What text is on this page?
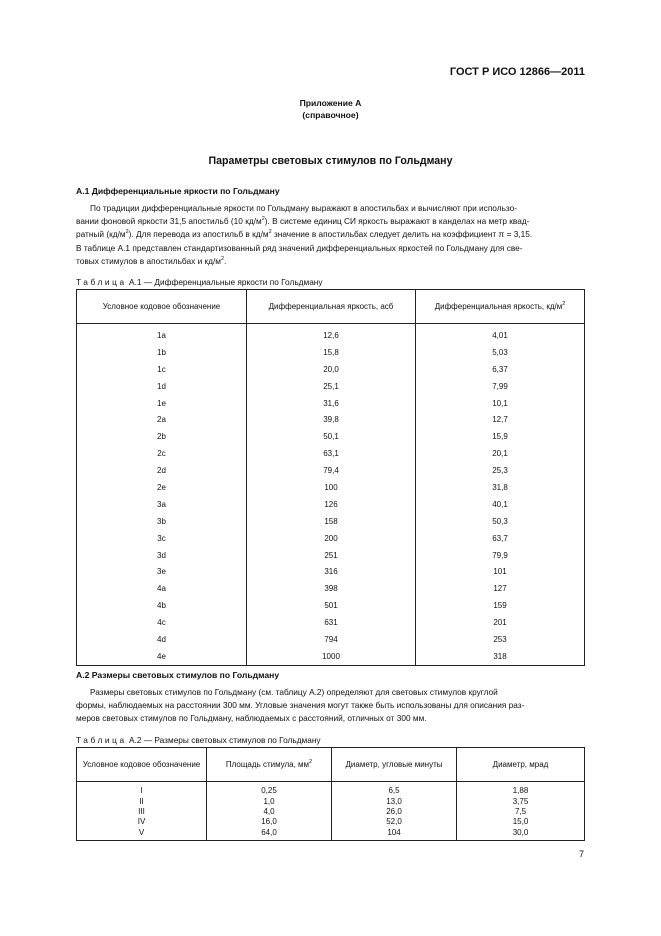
ГОСТ Р ИСО 12866—2011
Приложение А
(справочное)
Параметры световых стимулов по Гольдману
А.1 Дифференциальные яркости по Гольдману

По традиции дифференциальные яркости по Гольдману выражают в апостильбах и вычисляют при использо-

вании фоновой яркости 31,5 апостильб (10 $кд/м^2$). В системе единиц СИ яркость выражают в канделах на метр квад-

ратный $(кд/м^2)$. Для перевода из апостильб в $кд/м^2$ значение в апостильбах следует делить на коэффициент π = 3,15.

В таблице А.1 представлен стандартизованный ряд значений дифференциальных яркостей по Гольдману для све-

товых стимулов в апостильбах и $кд/м^2$.

Таблица А.1 — Дифференциальные яркости по Гольдману
Условное кодовое обозначение	Дифференциальная яркость, асб	Дифференциальная яркость, $кд/м^2$
1a	12,6	4,01
1b	15,8	5,03
1c	20,0	6,37
1d	25,1	7,99
1e	31,6	10,1
2a	39,8	12,7
2b	50,1	15,9
2c	63,1	20,1
2d	79,4	25,3
2e	100	31,8
3a	126	40,1
3b	158	50,3
3c	200	63,7
3d	251	79,9
3e	316	101
4a	398	127
4b	501	159
4c	631	201
4d	794	253
4e	1000	318
А.2 Размеры световых стимулов по Гольдману

Размеры световых стимулов по Гольдману (см. таблицу А.2) определяют для световых стимулов круглой

формы, наблюдаемых на расстоянии 300 мм. Угловые значения могут также быть использованы для описания раз-

меров световых стимулов по Гольдману, наблюдаемых с расстояний, отличных от 300 мм.

Таблица А.2 — Размеры световых стимулов по Гольдману
Условное кодовое обозначение	Площадь стимула, $мм^2$	Диаметр, угловые минуты	Диаметр, мрад
I	0,25	6,5	1,88
II	1,0	13,0	3,75
III	4,0	26,0	7,5
IV	16,0	52,0	15,0
V	64,0	104	30,0
7
